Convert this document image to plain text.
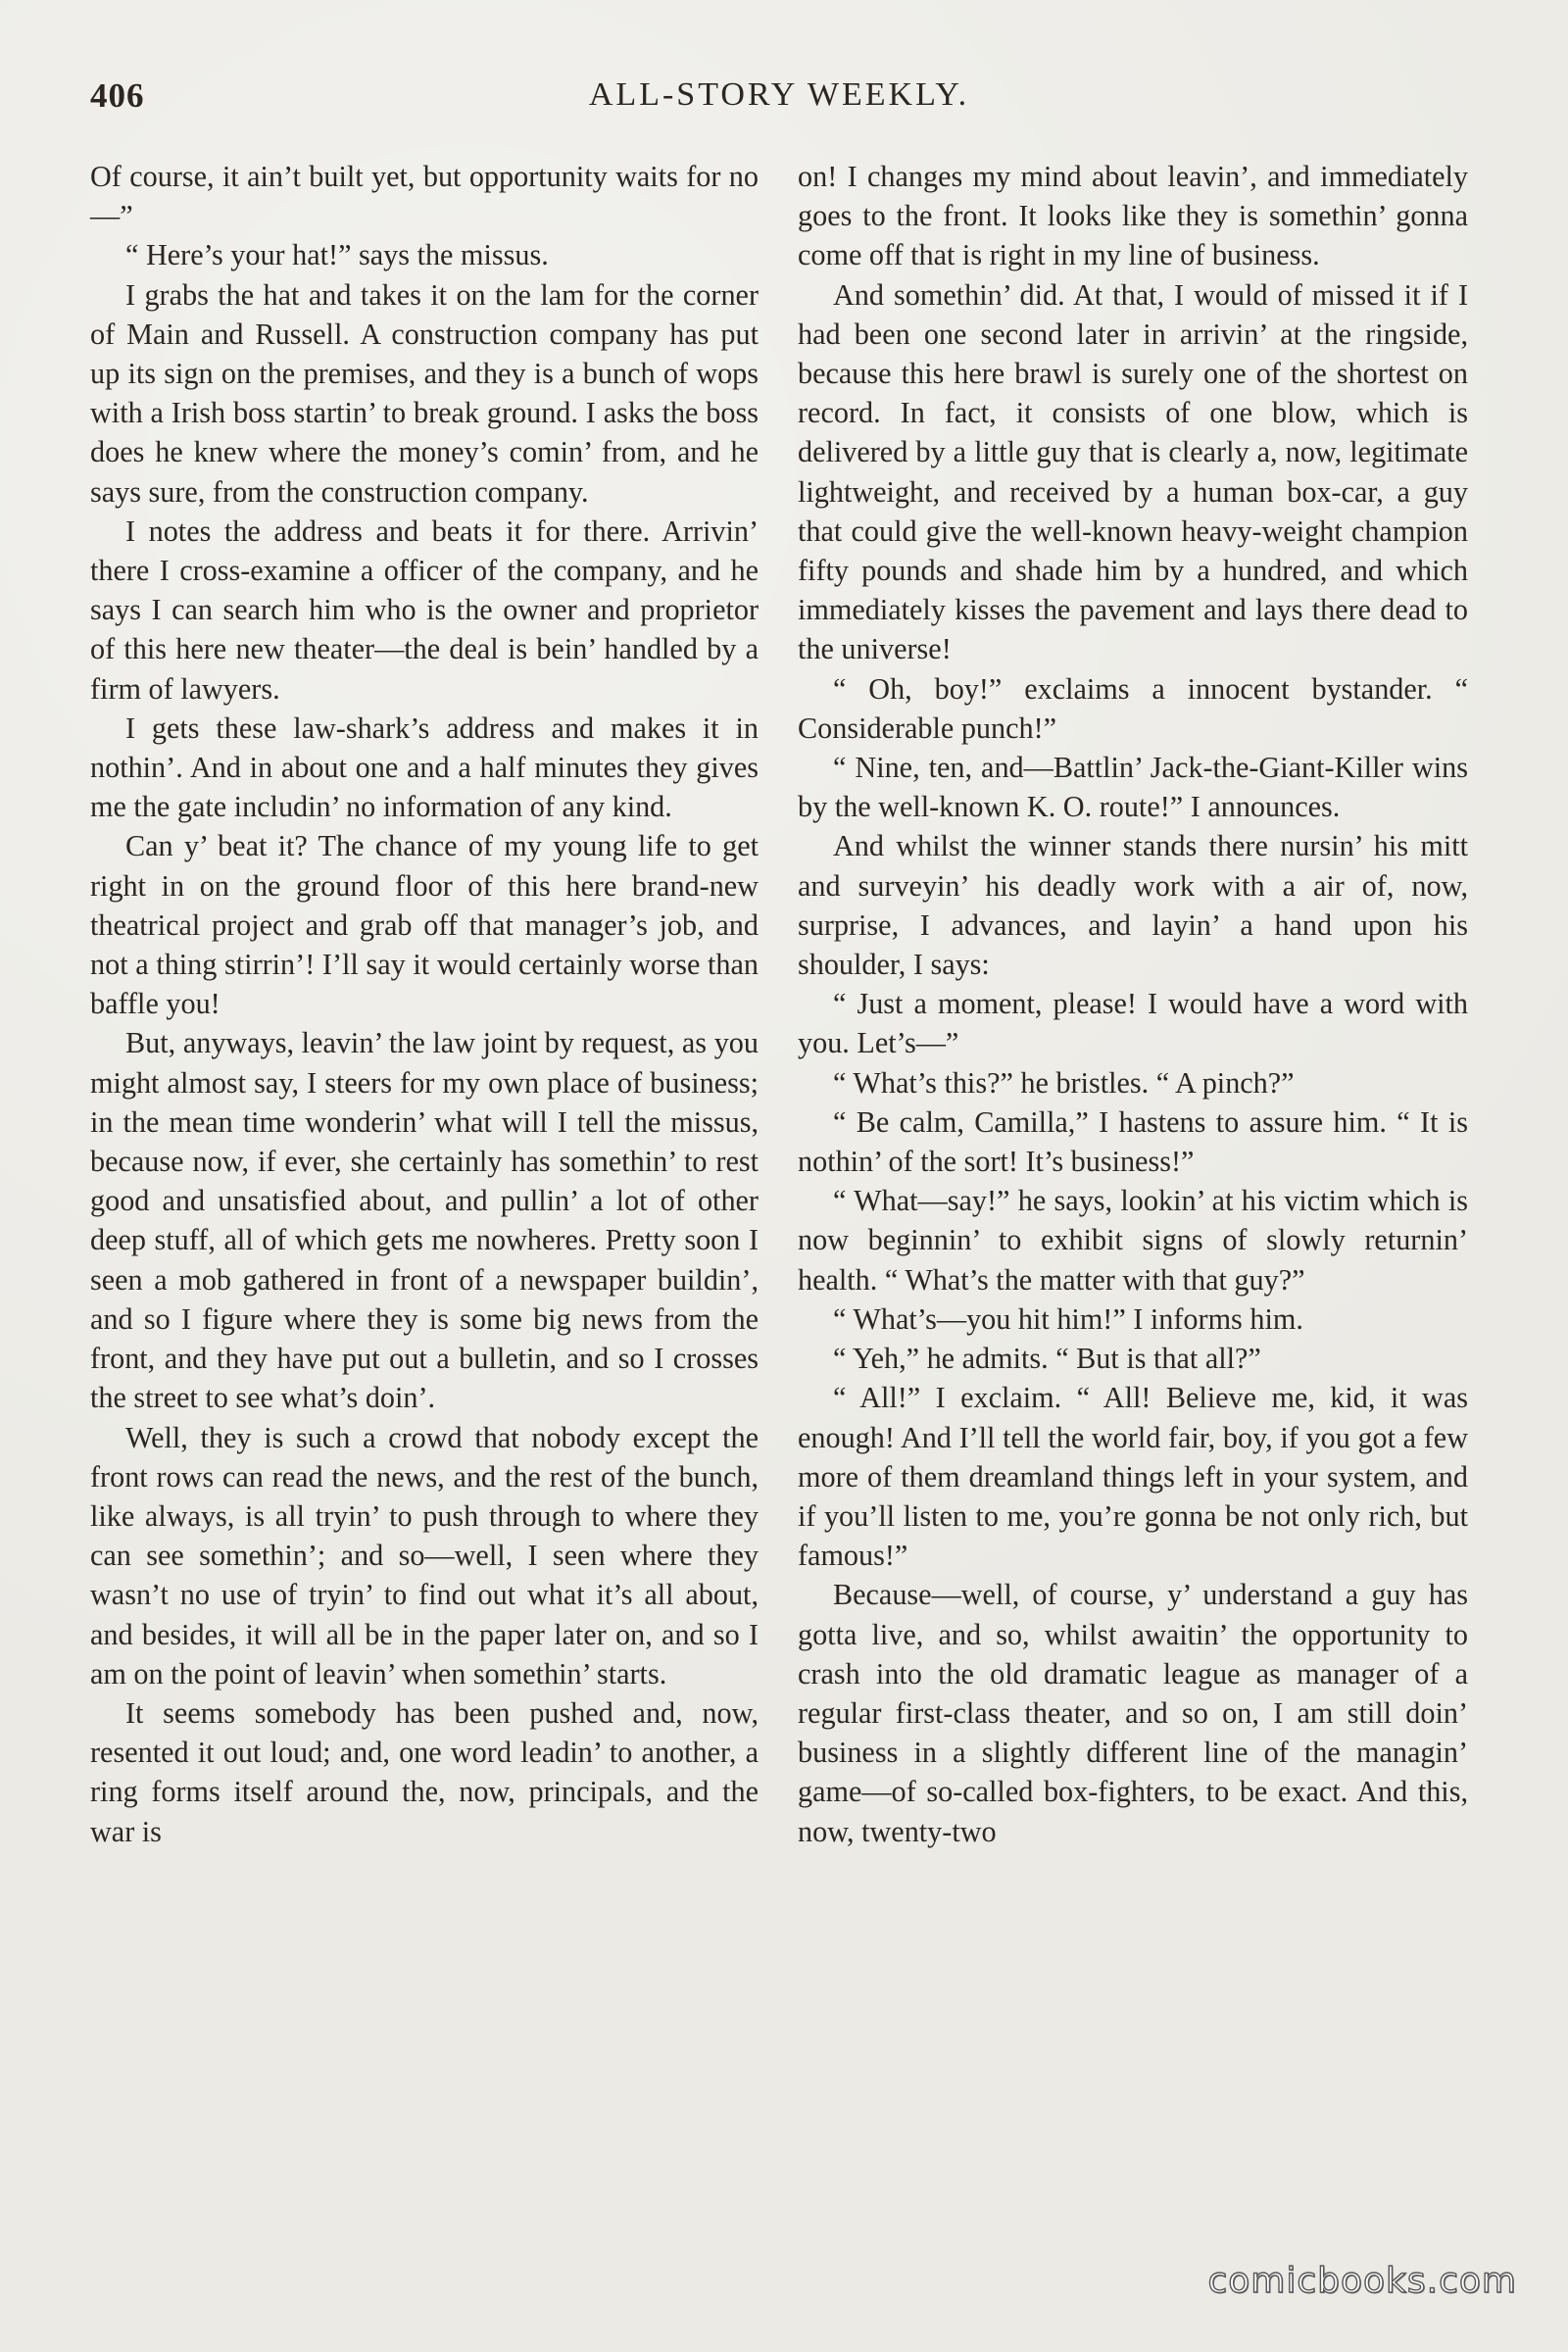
406	ALL-STORY WEEKLY.

Of course, it ain’t built yet, but opportunity waits for no—”

“ Here’s your hat!” says the missus.

I grabs the hat and takes it on the lam for the corner of Main and Russell. A construction company has put up its sign on the premises, and they is a bunch of wops with a Irish boss startin’ to break ground. I asks the boss does he knew where the money’s comin’ from, and he says sure, from the construction company.

I notes the address and beats it for there. Arrivin’ there I cross-examine a officer of the company, and he says I can search him who is the owner and proprietor of this here new theater—the deal is bein’ handled by a firm of lawyers.

I gets these law-shark’s address and makes it in nothin’. And in about one and a half minutes they gives me the gate includin’ no information of any kind.

Can y’ beat it? The chance of my young life to get right in on the ground floor of this here brand-new theatrical project and grab off that manager’s job, and not a thing stirrin’! I’ll say it would certainly worse than baffle you!

But, anyways, leavin’ the law joint by request, as you might almost say, I steers for my own place of business; in the mean time wonderin’ what will I tell the missus, because now, if ever, she certainly has somethin’ to rest good and unsatisfied about, and pullin’ a lot of other deep stuff, all of which gets me nowheres. Pretty soon I seen a mob gathered in front of a newspaper buildin’, and so I figure where they is some big news from the front, and they have put out a bulletin, and so I crosses the street to see what’s doin’.

Well, they is such a crowd that nobody except the front rows can read the news, and the rest of the bunch, like always, is all tryin’ to push through to where they can see somethin’; and so—well, I seen where they wasn’t no use of tryin’ to find out what it’s all about, and besides, it will all be in the paper later on, and so I am on the point of leavin’ when somethin’ starts.

It seems somebody has been pushed and, now, resented it out loud; and, one word leadin’ to another, a ring forms itself around the, now, principals, and the war is

on! I changes my mind about leavin’, and immediately goes to the front. It looks like they is somethin’ gonna come off that is right in my line of business.

And somethin’ did. At that, I would of missed it if I had been one second later in arrivin’ at the ringside, because this here brawl is surely one of the shortest on record. In fact, it consists of one blow, which is delivered by a little guy that is clearly a, now, legitimate lightweight, and received by a human box-car, a guy that could give the well-known heavy-weight champion fifty pounds and shade him by a hundred, and which immediately kisses the pavement and lays there dead to the universe!

“ Oh, boy!” exclaims a innocent bystander. “ Considerable punch!”

“ Nine, ten, and—Battlin’ Jack-the-Giant-Killer wins by the well-known K. O. route!” I announces.

And whilst the winner stands there nursin’ his mitt and surveyin’ his deadly work with a air of, now, surprise, I advances, and layin’ a hand upon his shoulder, I says:

“ Just a moment, please! I would have a word with you. Let’s—”

“ What’s this?” he bristles. “ A pinch?”

“ Be calm, Camilla,” I hastens to assure him. “ It is nothin’ of the sort! It’s business!”

“ What—say!” he says, lookin’ at his victim which is now beginnin’ to exhibit signs of slowly returnin’ health. “ What’s the matter with that guy?”

“ What’s—you hit him!” I informs him.

“ Yeh,” he admits. “ But is that all?”

“ All!” I exclaim. “ All! Believe me, kid, it was enough! And I’ll tell the world fair, boy, if you got a few more of them dreamland things left in your system, and if you’ll listen to me, you’re gonna be not only rich, but famous!”

Because—well, of course, y’ understand a guy has gotta live, and so, whilst awaitin’ the opportunity to crash into the old dramatic league as manager of a regular first-class theater, and so on, I am still doin’ business in a slightly different line of the managin’ game—of so-called box-fighters, to be exact. And this, now, twenty-two

comicbooks.com
